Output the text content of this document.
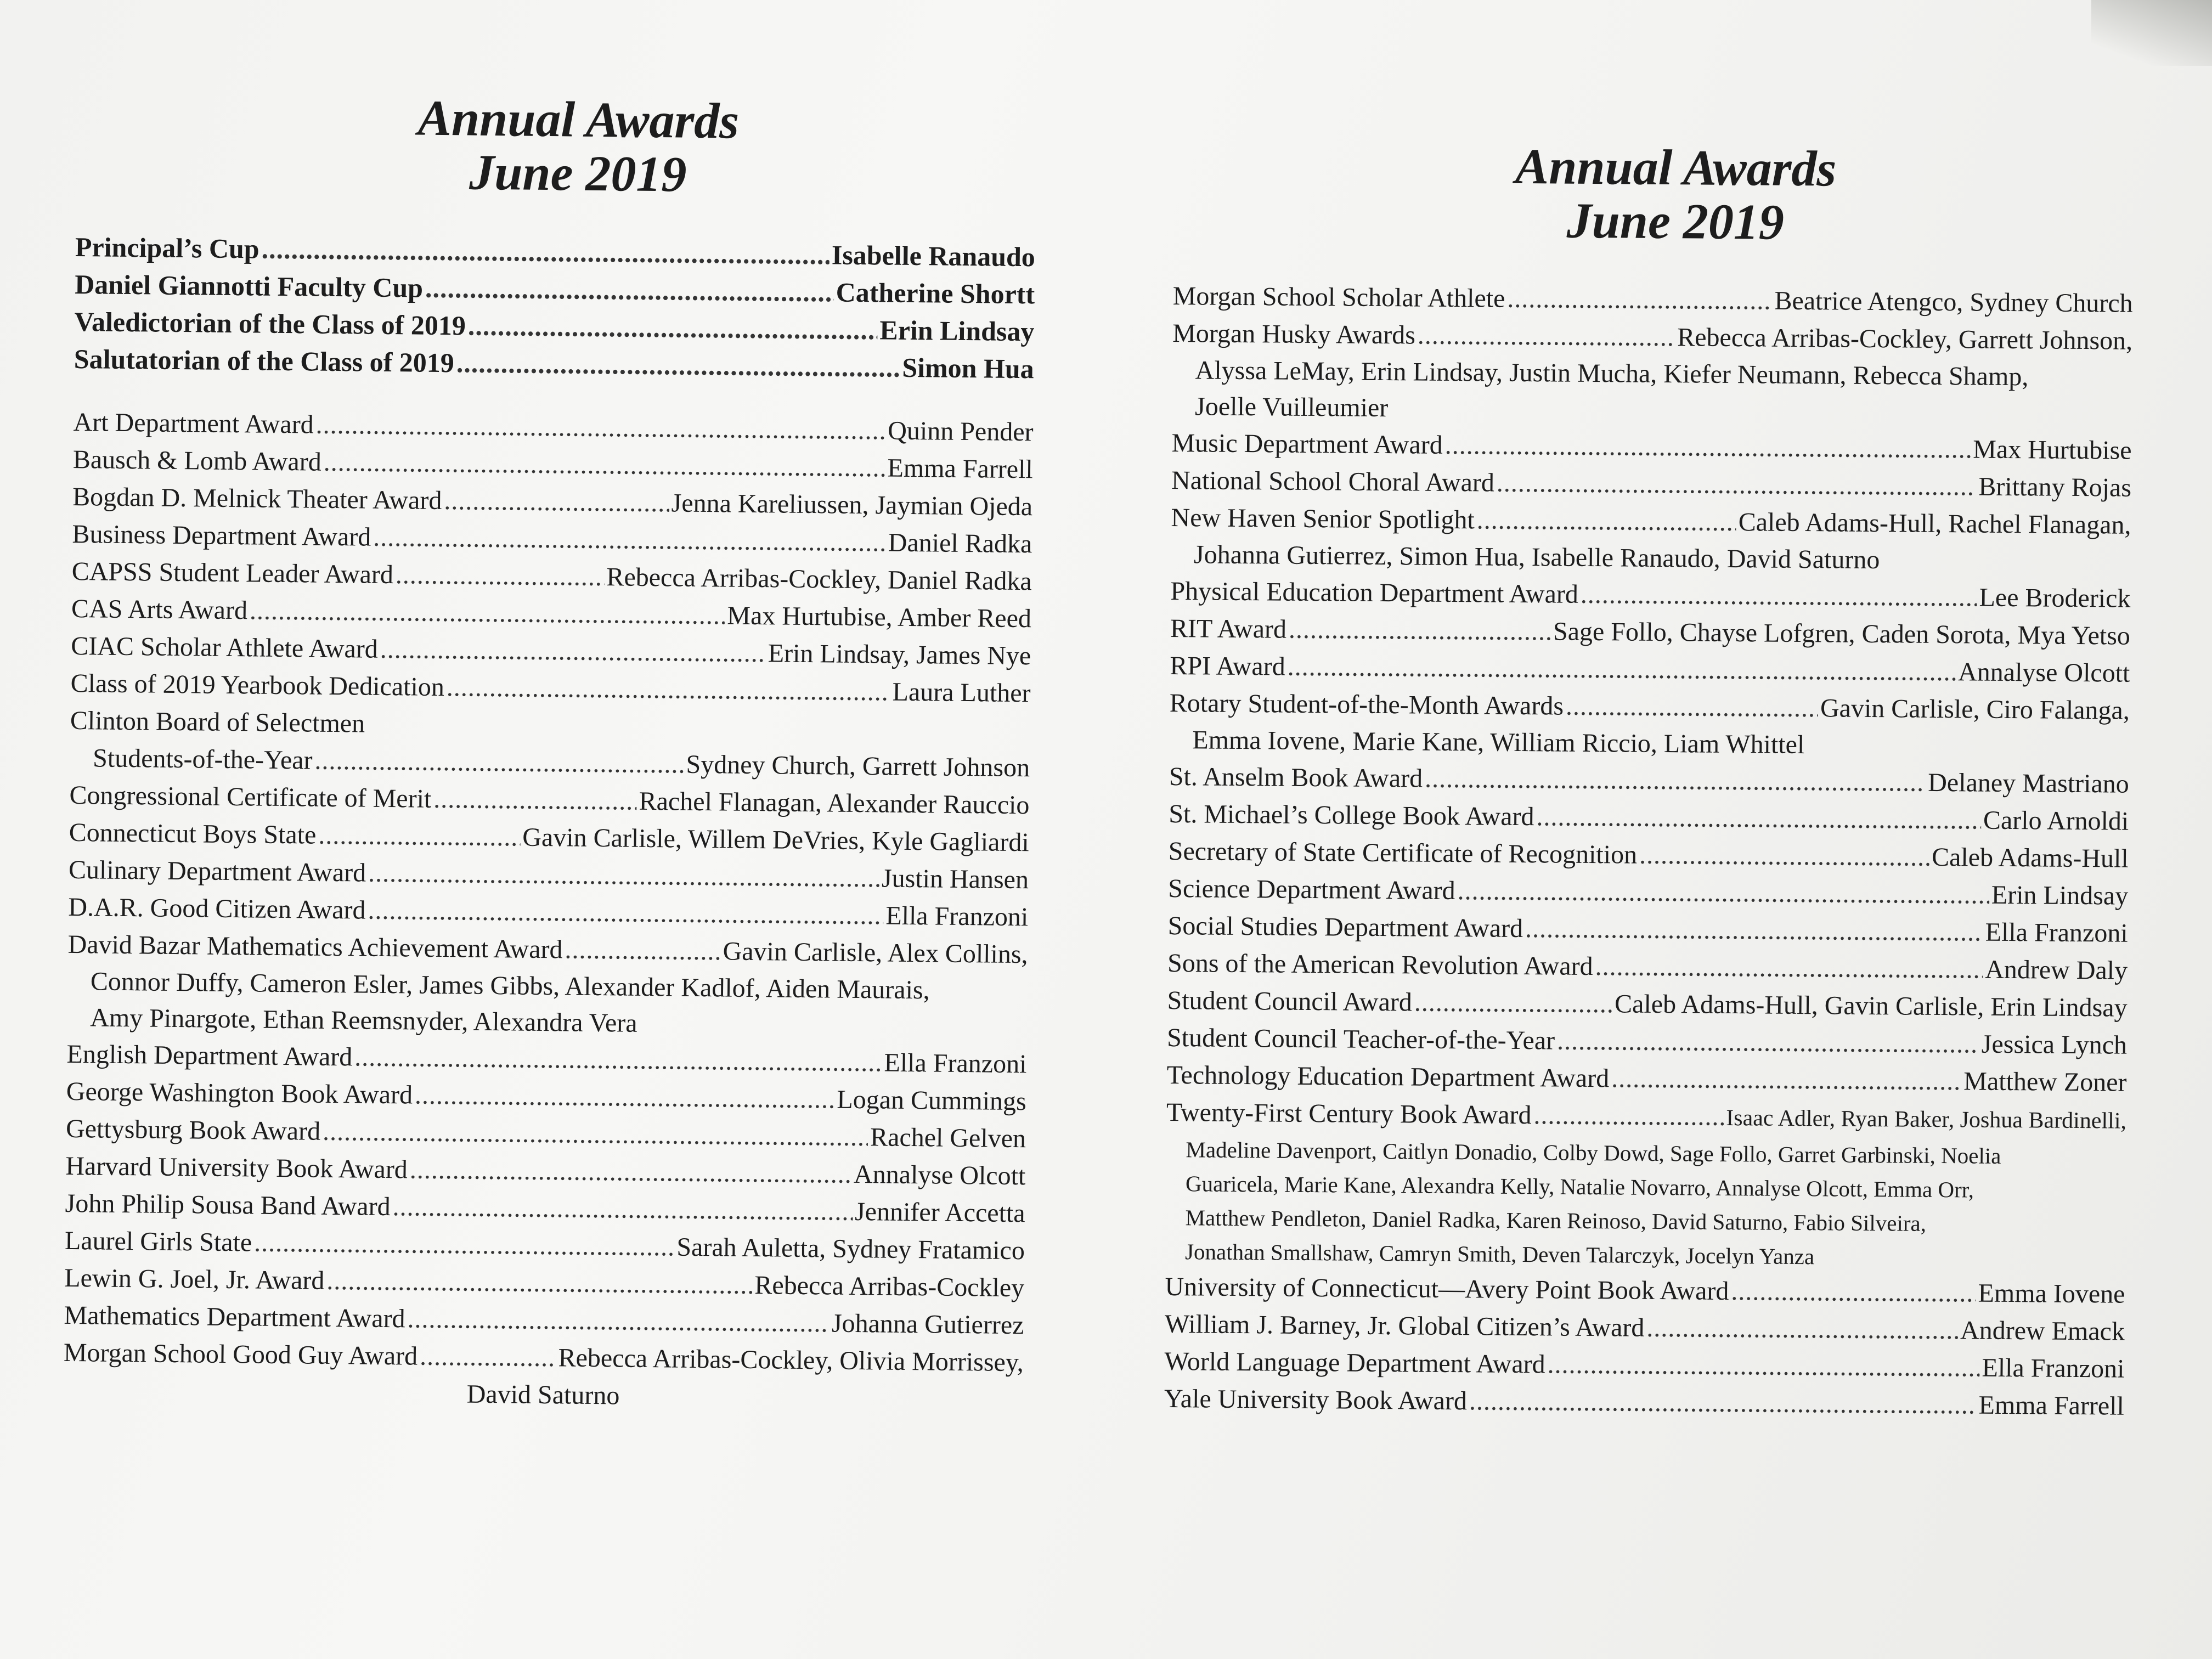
Annual Awards
June 2019
Principal’s Cup .....	Isabelle Ranaudo
Daniel Giannotti Faculty Cup .....	Catherine Shortt
Valedictorian of the Class of 2019 .....	Erin Lindsay
Salutatorian of the Class of 2019 .....	Simon Hua
Art Department Award .....	Quinn Pender
Bausch & Lomb Award .....	Emma Farrell
Bogdan D. Melnick Theater Award .....	Jenna Kareliussen, Jaymian Ojeda
Business Department Award .....	Daniel Radka
CAPSS Student Leader Award .....	Rebecca Arribas-Cockley, Daniel Radka
CAS Arts Award .....	Max Hurtubise, Amber Reed
CIAC Scholar Athlete Award .....	Erin Lindsay, James Nye
Class of 2019 Yearbook Dedication .....	Laura Luther
Clinton Board of Selectmen
Students-of-the-Year .....	Sydney Church, Garrett Johnson
Congressional Certificate of Merit .....	Rachel Flanagan, Alexander Rauccio
Connecticut Boys State .....	Gavin Carlisle, Willem DeVries, Kyle Gagliardi
Culinary Department Award .....	Justin Hansen
D.A.R. Good Citizen Award .....	Ella Franzoni
David Bazar Mathematics Achievement Award .....	Gavin Carlisle, Alex Collins,
Connor Duffy, Cameron Esler, James Gibbs, Alexander Kadlof, Aiden Maurais,
Amy Pinargote, Ethan Reemsnyder, Alexandra Vera
English Department Award .....	Ella Franzoni
George Washington Book Award .....	Logan Cummings
Gettysburg Book Award .....	Rachel Gelven
Harvard University Book Award .....	Annalyse Olcott
John Philip Sousa Band Award .....	Jennifer Accetta
Laurel Girls State .....	Sarah Auletta, Sydney Fratamico
Lewin G. Joel, Jr. Award .....	Rebecca Arribas-Cockley
Mathematics Department Award .....	Johanna Gutierrez
Morgan School Good Guy Award .....	Rebecca Arribas-Cockley, Olivia Morrissey,
David Saturno
Annual Awards
June 2019
Morgan School Scholar Athlete .....	Beatrice Atengco, Sydney Church
Morgan Husky Awards .....	Rebecca Arribas-Cockley, Garrett Johnson,
Alyssa LeMay, Erin Lindsay, Justin Mucha, Kiefer Neumann, Rebecca Shamp,
Joelle Vuilleumier
Music Department Award .....	Max Hurtubise
National School Choral Award .....	Brittany Rojas
New Haven Senior Spotlight .....	Caleb Adams-Hull, Rachel Flanagan,
Johanna Gutierrez, Simon Hua, Isabelle Ranaudo, David Saturno
Physical Education Department Award .....	Lee Broderick
RIT Award .....	Sage Follo, Chayse Lofgren, Caden Sorota, Mya Yetso
RPI Award .....	Annalyse Olcott
Rotary Student-of-the-Month Awards .....	Gavin Carlisle, Ciro Falanga,
Emma Iovene, Marie Kane, William Riccio, Liam Whittel
St. Anselm Book Award .....	Delaney Mastriano
St. Michael’s College Book Award .....	Carlo Arnoldi
Secretary of State Certificate of Recognition .....	Caleb Adams-Hull
Science Department Award .....	Erin Lindsay
Social Studies Department Award .....	Ella Franzoni
Sons of the American Revolution Award .....	Andrew Daly
Student Council Award .....	Caleb Adams-Hull, Gavin Carlisle, Erin Lindsay
Student Council Teacher-of-the-Year .....	Jessica Lynch
Technology Education Department Award .....	Matthew Zoner
Twenty-First Century Book Award .....	Isaac Adler, Ryan Baker, Joshua Bardinelli,
Madeline Davenport, Caitlyn Donadio, Colby Dowd, Sage Follo, Garret Garbinski, Noelia
Guaricela, Marie Kane, Alexandra Kelly, Natalie Novarro, Annalyse Olcott, Emma Orr,
Matthew Pendleton, Daniel Radka, Karen Reinoso, David Saturno, Fabio Silveira,
Jonathan Smallshaw, Camryn Smith, Deven Talarczyk, Jocelyn Yanza
University of Connecticut—Avery Point Book Award .....	Emma Iovene
William J. Barney, Jr. Global Citizen’s Award .....	Andrew Emack
World Language Department Award .....	Ella Franzoni
Yale University Book Award .....	Emma Farrell
